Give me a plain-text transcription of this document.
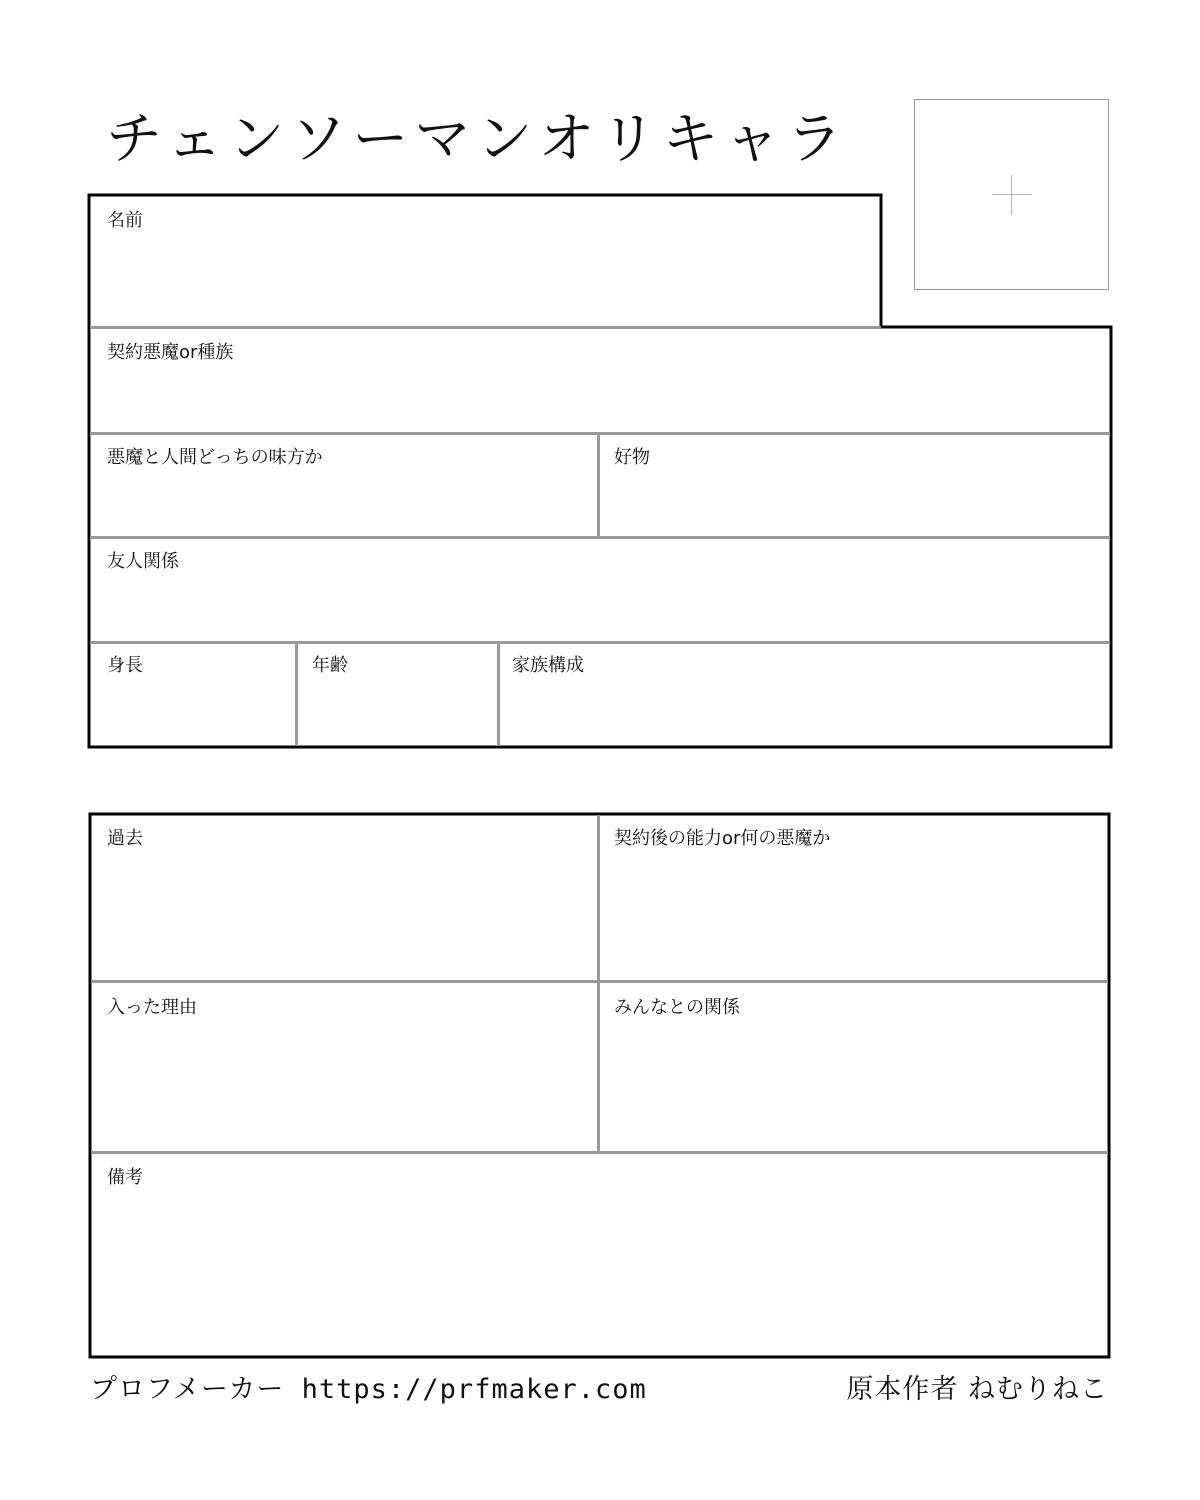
チェンソーマンオリキャラ
名前
契約悪魔or種族
悪魔と人間どっちの味方か	好物
友人関係
身長	年齢	家族構成
過去	契約後の能力or何の悪魔か
入った理由	みんなとの関係
備考
プロフメーカー https://prfmaker.com	原本作者 ねむりねこ
